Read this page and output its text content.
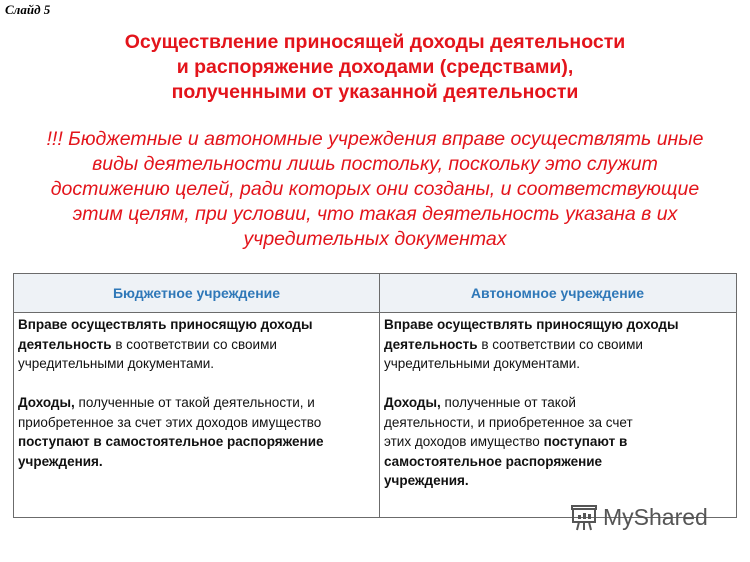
Слайд 5
Осуществление приносящей доходы деятельности
и распоряжение доходами (средствами),
полученными от указанной деятельности
!!! Бюджетные и автономные учреждения вправе осуществлять иные
виды деятельности лишь постольку, поскольку это служит
достижению целей, ради которых они созданы, и соответствующие
этим целям, при условии, что такая деятельность указана в их
учредительных документах
Бюджетное учреждение	Автономное учреждение

Вправе осуществлять приносящую доходы деятельность в соответствии со своими учредительными документами.

Доходы, полученные от такой деятельности, и приобретенное за счет этих доходов имущество поступают в самостоятельное распоряжение учреждения.

Вправе осуществлять приносящую доходы деятельность в соответствии со своими учредительными документами.

Доходы, полученные от такой деятельности, и приобретенное за счет этих доходов имущество поступают в самостоятельное распоряжение учреждения.

MyShared
